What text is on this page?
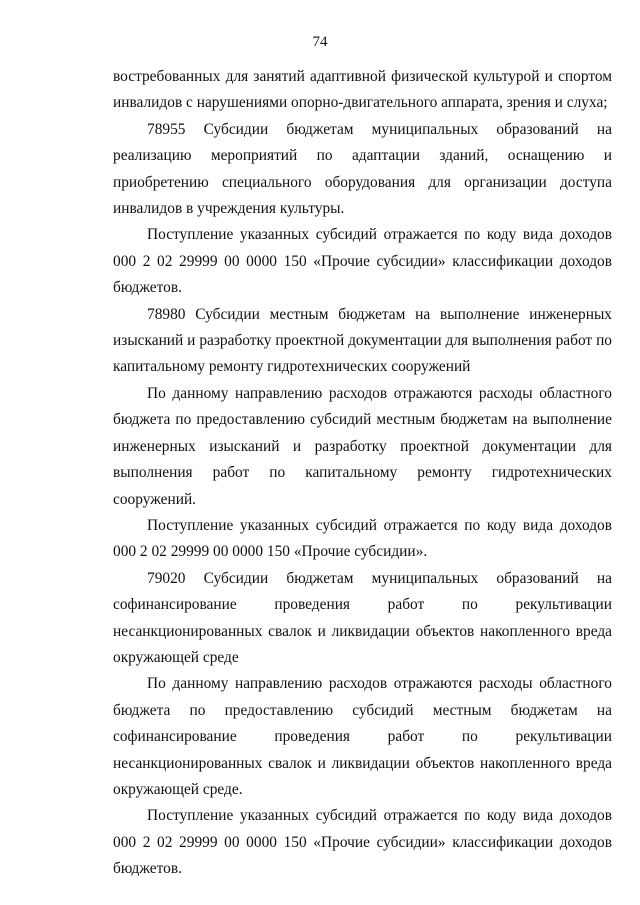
74

востребованных для занятий адаптивной физической культурой и спортом инвалидов с нарушениями опорно-двигательного аппарата, зрения и слуха;

78955 Субсидии бюджетам муниципальных образований на реализацию мероприятий по адаптации зданий, оснащению и приобретению специального оборудования для организации доступа инвалидов в учреждения культуры.

Поступление указанных субсидий отражается по коду вида доходов 000 2 02 29999 00 0000 150 «Прочие субсидии» классификации доходов бюджетов.

78980 Субсидии местным бюджетам на выполнение инженерных изысканий и разработку проектной документации для выполнения работ по капитальному ремонту гидротехнических сооружений

По данному направлению расходов отражаются расходы областного бюджета по предоставлению субсидий местным бюджетам на выполнение инженерных изысканий и разработку проектной документации для выполнения работ по капитальному ремонту гидротехнических сооружений.

Поступление указанных субсидий отражается по коду вида доходов 000 2 02 29999 00 0000 150 «Прочие субсидии».

79020 Субсидии бюджетам муниципальных образований на софинансирование проведения работ по рекультивации несанкционированных свалок и ликвидации объектов накопленного вреда окружающей среде

По данному направлению расходов отражаются расходы областного бюджета по предоставлению субсидий местным бюджетам на софинансирование проведения работ по рекультивации несанкционированных свалок и ликвидации объектов накопленного вреда окружающей среде.

Поступление указанных субсидий отражается по коду вида доходов 000 2 02 29999 00 0000 150 «Прочие субсидии» классификации доходов бюджетов.
